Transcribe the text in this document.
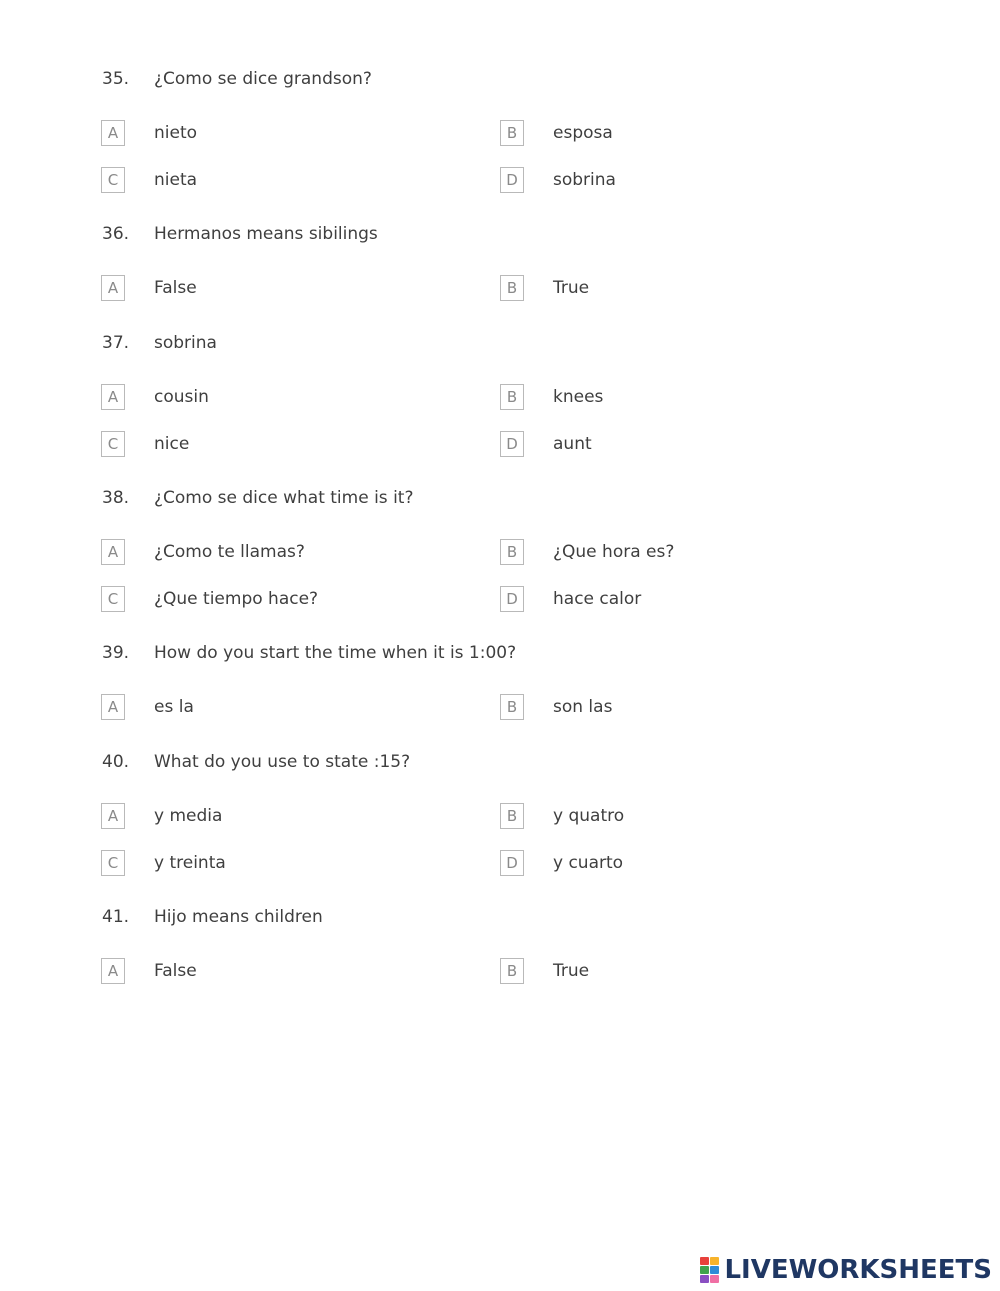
35. ¿Como se dice grandson?
A	nieto	B	esposa
C	nieta	D	sobrina
36. Hermanos means sibilings
A	False	B	True
37. sobrina
A	cousin	B	knees
C	nice	D	aunt
38. ¿Como se dice what time is it?
A	¿Como te llamas?	B	¿Que hora es?
C	¿Que tiempo hace?	D	hace calor
39. How do you start the time when it is 1:00?
A	es la	B	son las
40. What do you use to state :15?
A	y media	B	y quatro
C	y treinta	D	y cuarto
41. Hijo means children
A	False	B	True
LIVEWORKSHEETS
